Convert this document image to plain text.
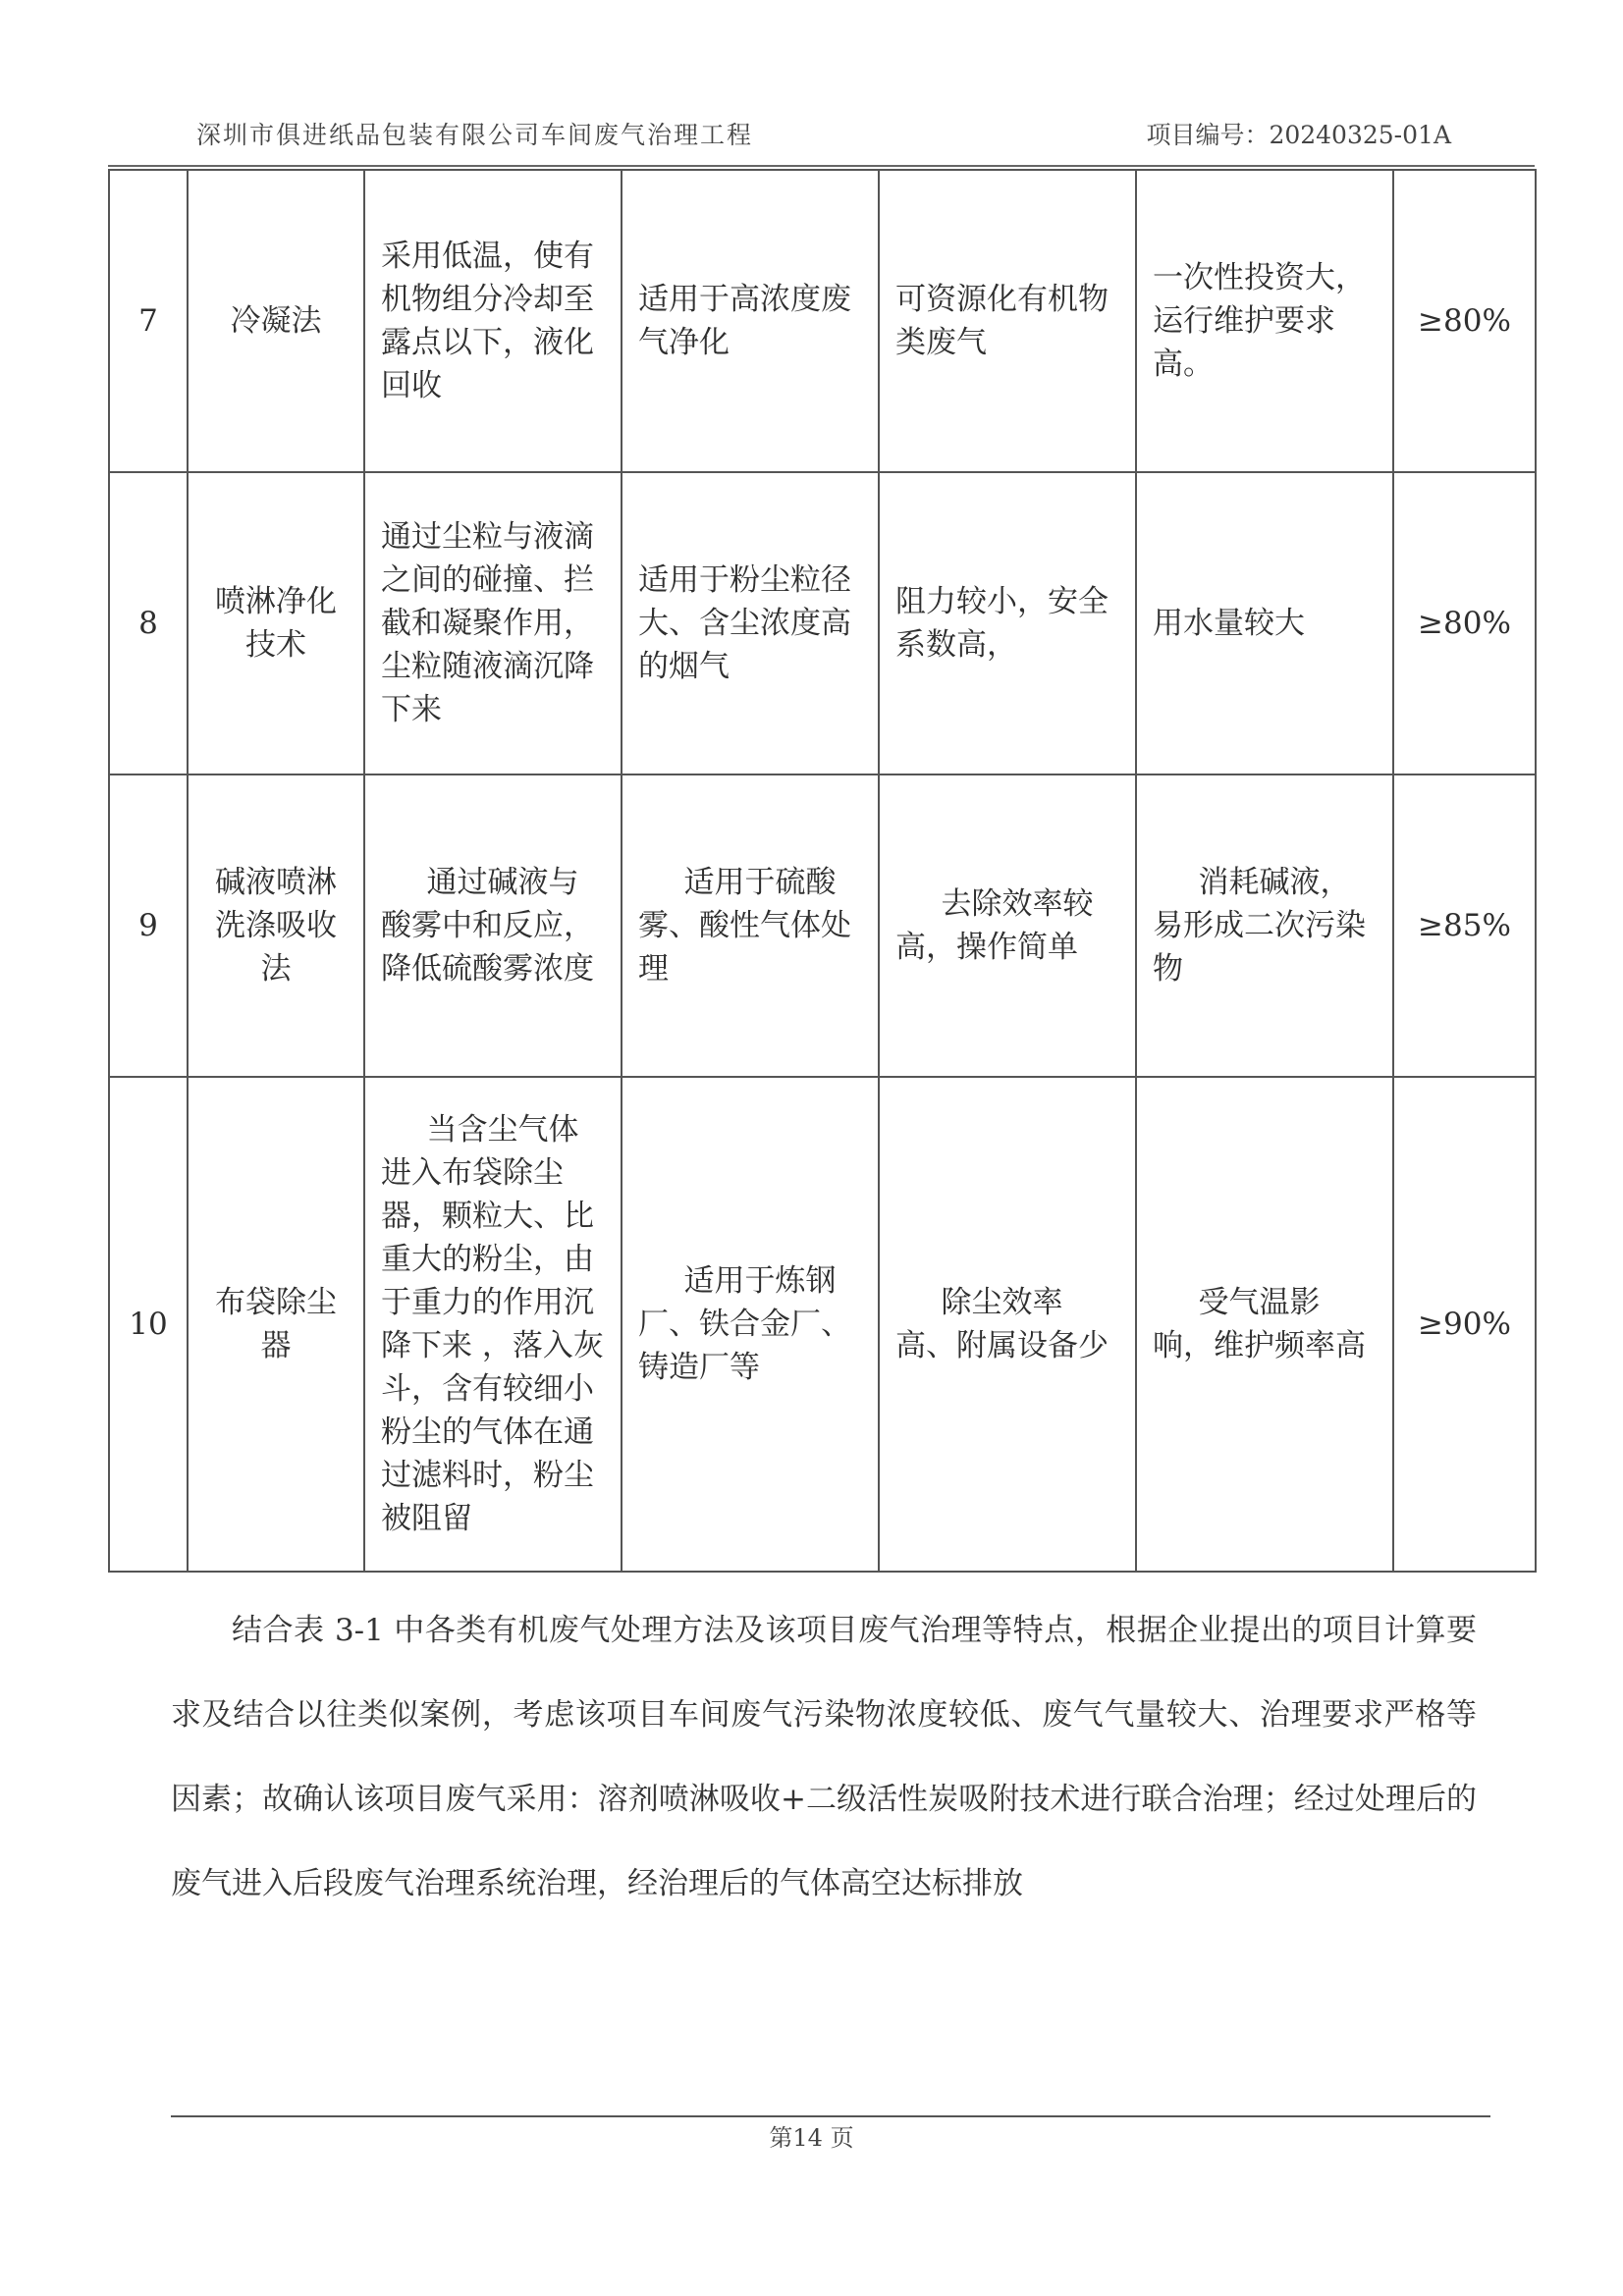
深圳市俱进纸品包装有限公司车间废气治理工程	项目编号：20240325-01A
7	冷凝法	采用低温，使有机物组分冷却至露点以下，液化回收	适用于高浓度废气净化	可资源化有机物类废气	一次性投资大，运行维护要求高。	≥80%
8	喷淋净化技术	通过尘粒与液滴之间的碰撞、拦截和凝聚作用，尘粒随液滴沉降下来	适用于粉尘粒径大、含尘浓度高的烟气	阻力较小，安全系数高，	用水量较大	≥80%
9	碱液喷淋洗涤吸收法	通过碱液与酸雾中和反应，降低硫酸雾浓度	适用于硫酸雾、酸性气体处理	去除效率较高，操作简单	消耗碱液，易形成二次污染物	≥85%
10	布袋除尘器	当含尘气体进入布袋除尘器，颗粒大、比重大的粉尘，由于重力的作用沉降下来 ，落入灰斗，含有较细小粉尘的气体在通过滤料时，粉尘被阻留	适用于炼钢厂、铁合金厂、铸造厂等	除尘效率高、附属设备少	受气温影响，维护频率高	≥90%

结合表 3-1 中各类有机废气处理方法及该项目废气治理等特点，根据企业提出的项目计算要求及结合以往类似案例，考虑该项目车间废气污染物浓度较低、废气气量较大、治理要求严格等因素；故确认该项目废气采用：溶剂喷淋吸收+二级活性炭吸附技术进行联合治理；经过处理后的废气进入后段废气治理系统治理，经治理后的气体高空达标排放

第14 页
